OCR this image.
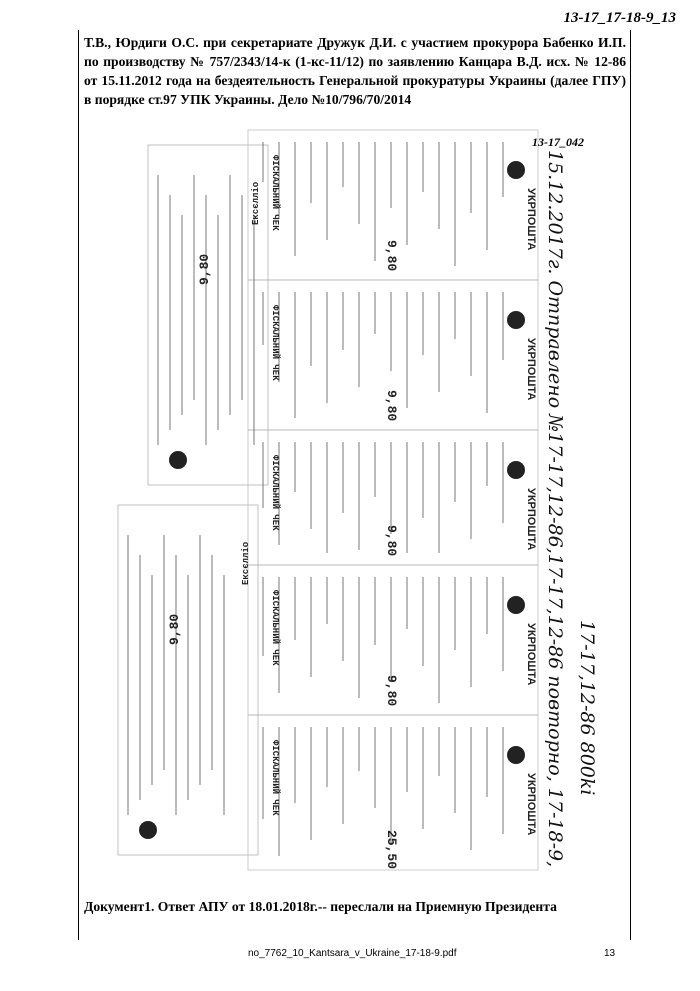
13-17_17-18-9_13
Т.В., Юрдиги О.С. при секретариате Дружук Д.И. с участием прокурора Бабенко И.П. по производству № 757/2343/14-к (1-кс-11/12) по заявлению Канцара В.Д. исх. № 12-86 от 15.11.2012 года на бездеятельность Генеральной прокуратуры Украины (далее ГПУ) в порядке ст.97 УПК Украины. Дело №10/796/70/2014
УКРПОШТА
УКРПОШТА
УКРПОШТА
УКРПОШТА
УКРПОШТА
9,80
ФІСКАЛЬНИЙ ЧЕК
9,80
ФІСКАЛЬНИЙ ЧЕК
9,80
ФІСКАЛЬНИЙ ЧЕК
9,80
ФІСКАЛЬНИЙ ЧЕК
25,50
ФІСКАЛЬНИЙ ЧЕК
9,80
Ексєлліо
9,80
Ексєлліо
13-17_042
15.12.2017г. Отправлено №17-17,12-86,17-17,12-86 повторно, 17-18-9, 17-17,12-86 800ki
Документ1. Ответ АПУ от 18.01.2018г.-- переслали на Приемную Президента
no_7762_10_Kantsara_v_Ukraine_17-18-9.pdf	13
